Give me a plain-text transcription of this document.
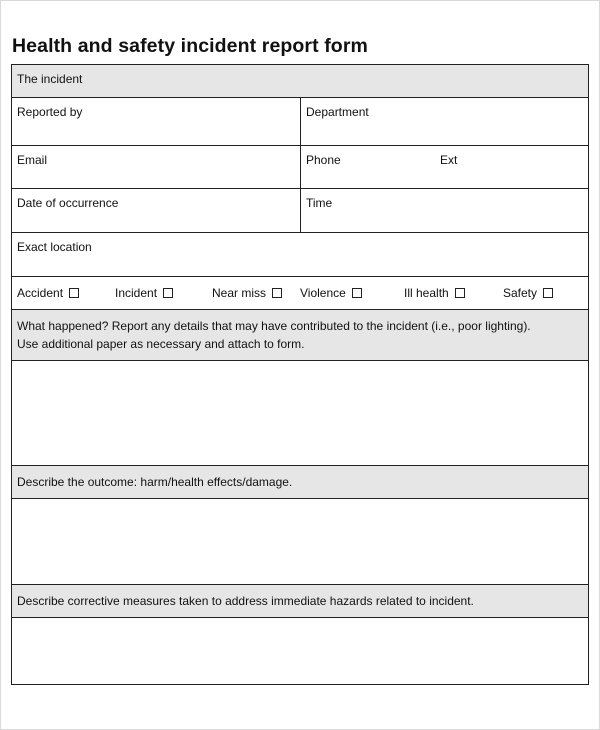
Health and safety incident report form
The incident
Reported by	Department
Email	Phone	Ext
Date of occurrence	Time
Exact location
Accident	Incident	Near miss	Violence	Ill health	Safety
What happened? Report any details that may have contributed to the incident (i.e., poor lighting).
Use additional paper as necessary and attach to form.
Describe the outcome: harm/health effects/damage.
Describe corrective measures taken to address immediate hazards related to incident.
